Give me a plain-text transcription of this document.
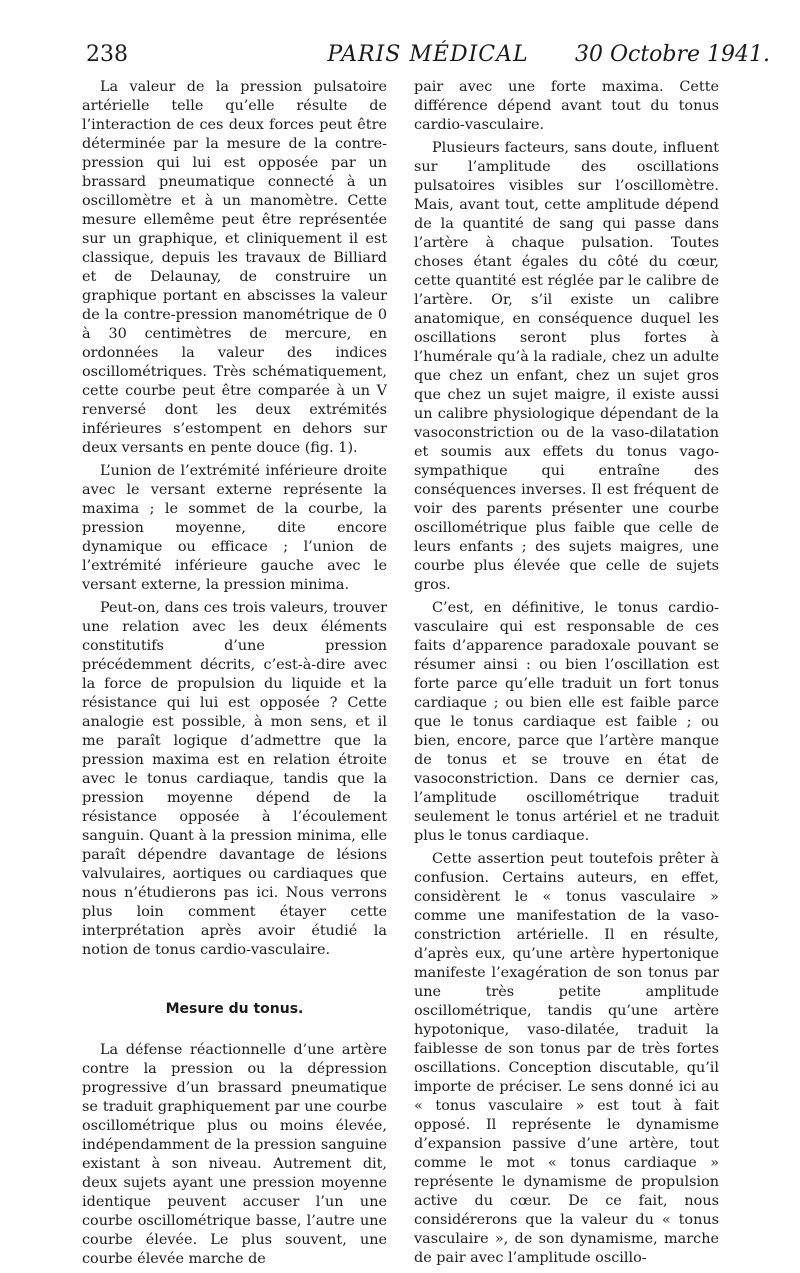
238	PARIS MÉDICAL	30 Octobre 1941.

La valeur de la pression pulsatoire artérielle telle qu’elle résulte de l’interaction de ces deux forces peut être déterminée par la mesure de la contre-pression qui lui est opposée par un brassard pneumatique connecté à un oscillomètre et à un manomètre. Cette mesure ellemême peut être représentée sur un graphique, et cliniquement il est classique, depuis les travaux de Billiard et de Delaunay, de construire un graphique portant en abscisses la valeur de la contre-pression manométrique de 0 à 30 centimètres de mercure, en ordonnées la valeur des indices oscillométriques. Très schématiquement, cette courbe peut être comparée à un V renversé dont les deux extrémités inférieures s’estompent en dehors sur deux versants en pente douce (fig. 1).

L’union de l’extrémité inférieure droite avec le versant externe représente la maxima ; le sommet de la courbe, la pression moyenne, dite encore dynamique ou efficace ; l’union de l’extrémité inférieure gauche avec le versant externe, la pression minima.

Peut-on, dans ces trois valeurs, trouver une relation avec les deux éléments constitutifs d’une pression précédemment décrits, c’est-à-dire avec la force de propulsion du liquide et la résistance qui lui est opposée ? Cette analogie est possible, à mon sens, et il me paraît logique d’admettre que la pression maxima est en relation étroite avec le tonus cardiaque, tandis que la pression moyenne dépend de la résistance opposée à l’écoulement sanguin. Quant à la pression minima, elle paraît dépendre davantage de lésions valvulaires, aortiques ou cardiaques que nous n’étudierons pas ici. Nous verrons plus loin comment étayer cette interprétation après avoir étudié la notion de tonus cardio-vasculaire.

Mesure du tonus.

La défense réactionnelle d’une artère contre la pression ou la dépression progressive d’un brassard pneumatique se traduit graphiquement par une courbe oscillométrique plus ou moins élevée, indépendamment de la pression sanguine existant à son niveau. Autrement dit, deux sujets ayant une pression moyenne identique peuvent accuser l’un une courbe oscillométrique basse, l’autre une courbe élevée. Le plus souvent, une courbe élevée marche de

pair avec une forte maxima. Cette différence dépend avant tout du tonus cardio-vasculaire.

Plusieurs facteurs, sans doute, influent sur l’amplitude des oscillations pulsatoires visibles sur l’oscillomètre. Mais, avant tout, cette amplitude dépend de la quantité de sang qui passe dans l’artère à chaque pulsation. Toutes choses étant égales du côté du cœur, cette quantité est réglée par le calibre de l’artère. Or, s’il existe un calibre anatomique, en conséquence duquel les oscillations seront plus fortes à l’humérale qu’à la radiale, chez un adulte que chez un enfant, chez un sujet gros que chez un sujet maigre, il existe aussi un calibre physiologique dépendant de la vasoconstriction ou de la vaso-dilatation et soumis aux effets du tonus vago-sympathique qui entraîne des conséquences inverses. Il est fréquent de voir des parents présenter une courbe oscillométrique plus faible que celle de leurs enfants ; des sujets maigres, une courbe plus élevée que celle de sujets gros.

C’est, en définitive, le tonus cardio-vasculaire qui est responsable de ces faits d’apparence paradoxale pouvant se résumer ainsi : ou bien l’oscillation est forte parce qu’elle traduit un fort tonus cardiaque ; ou bien elle est faible parce que le tonus cardiaque est faible ; ou bien, encore, parce que l’artère manque de tonus et se trouve en état de vasoconstriction. Dans ce dernier cas, l’amplitude oscillométrique traduit seulement le tonus artériel et ne traduit plus le tonus cardiaque.

Cette assertion peut toutefois prêter à confusion. Certains auteurs, en effet, considèrent le « tonus vasculaire » comme une manifestation de la vaso-constriction artérielle. Il en résulte, d’après eux, qu’une artère hypertonique manifeste l’exagération de son tonus par une très petite amplitude oscillométrique, tandis qu’une artère hypotonique, vaso-dilatée, traduit la faiblesse de son tonus par de très fortes oscillations. Conception discutable, qu’il importe de préciser. Le sens donné ici au « tonus vasculaire » est tout à fait opposé. Il représente le dynamisme d’expansion passive d’une artère, tout comme le mot « tonus cardiaque » représente le dynamisme de propulsion active du cœur. De ce fait, nous considérerons que la valeur du « tonus vasculaire », de son dynamisme, marche de pair avec l’amplitude oscillo-
